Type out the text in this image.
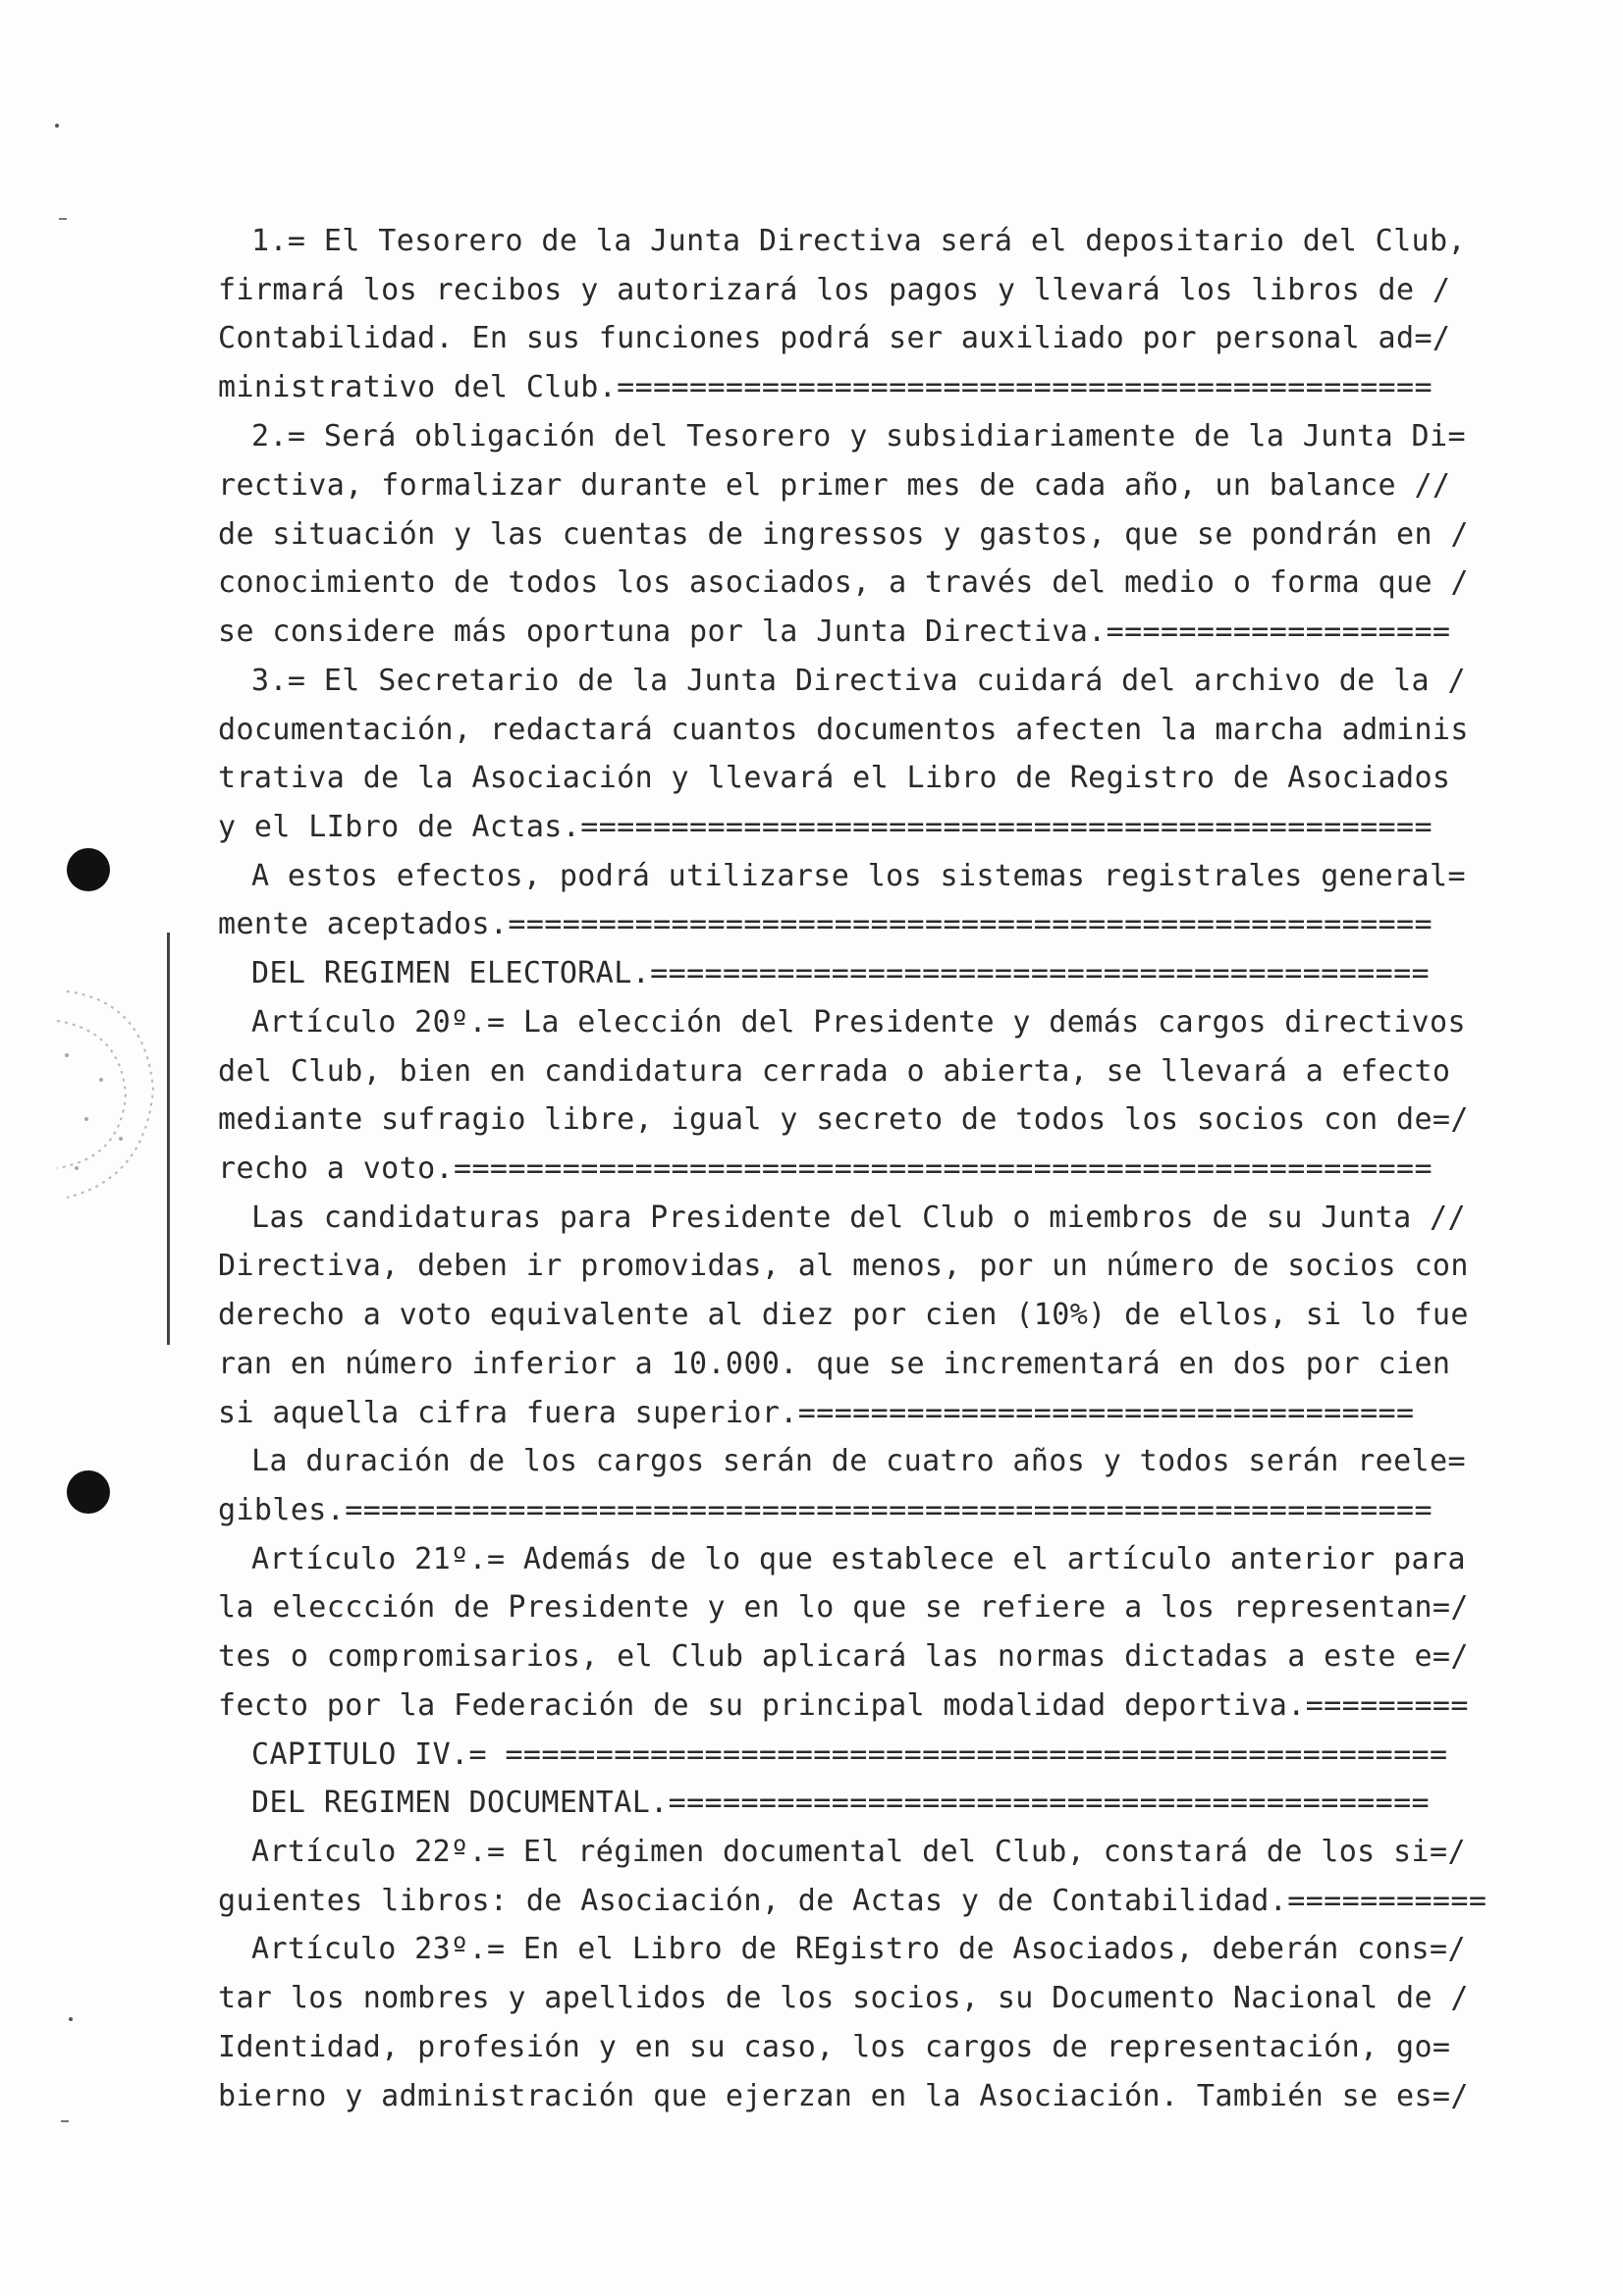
1.= El Tesorero de la Junta Directiva será el depositario del Club,
firmará los recibos y autorizará los pagos y llevará los libros de /
Contabilidad. En sus funciones podrá ser auxiliado por personal ad=/
ministrativo del Club.=============================================
2.= Será obligación del Tesorero y subsidiariamente de la Junta Di=
rectiva, formalizar durante el primer mes de cada año, un balance //
de situación y las cuentas de ingressos y gastos, que se pondrán en /
conocimiento de todos los asociados, a través del medio o forma que /
se considere más oportuna por la Junta Directiva.===================
3.= El Secretario de la Junta Directiva cuidará del archivo de la /
documentación, redactará cuantos documentos afecten la marcha adminis
trativa de la Asociación y llevará el Libro de Registro de Asociados
y el LIbro de Actas.===============================================
A estos efectos, podrá utilizarse los sistemas registrales general=
mente aceptados.===================================================
DEL REGIMEN ELECTORAL.===========================================
Artículo 20º.= La elección del Presidente y demás cargos directivos
del Club, bien en candidatura cerrada o abierta, se llevará a efecto
mediante sufragio libre, igual y secreto de todos los socios con de=/
recho a voto.======================================================
Las candidaturas para Presidente del Club o miembros de su Junta //
Directiva, deben ir promovidas, al menos, por un número de socios con
derecho a voto equivalente al diez por cien (10%) de ellos, si lo fue
ran en número inferior a 10.000. que se incrementará en dos por cien
si aquella cifra fuera superior.==================================
La duración de los cargos serán de cuatro años y todos serán reele=
gibles.============================================================
Artículo 21º.= Además de lo que establece el artículo anterior para
la eleccción de Presidente y en lo que se refiere a los representan=/
tes o compromisarios, el Club aplicará las normas dictadas a este e=/
fecto por la Federación de su principal modalidad deportiva.=========
CAPITULO IV.= ====================================================
DEL REGIMEN DOCUMENTAL.==========================================
Artículo 22º.= El régimen documental del Club, constará de los si=/
guientes libros: de Asociación, de Actas y de Contabilidad.===========
Artículo 23º.= En el Libro de REgistro de Asociados, deberán cons=/
tar los nombres y apellidos de los socios, su Documento Nacional de /
Identidad, profesión y en su caso, los cargos de representación, go=
bierno y administración que ejerzan en la Asociación. También se es=/
